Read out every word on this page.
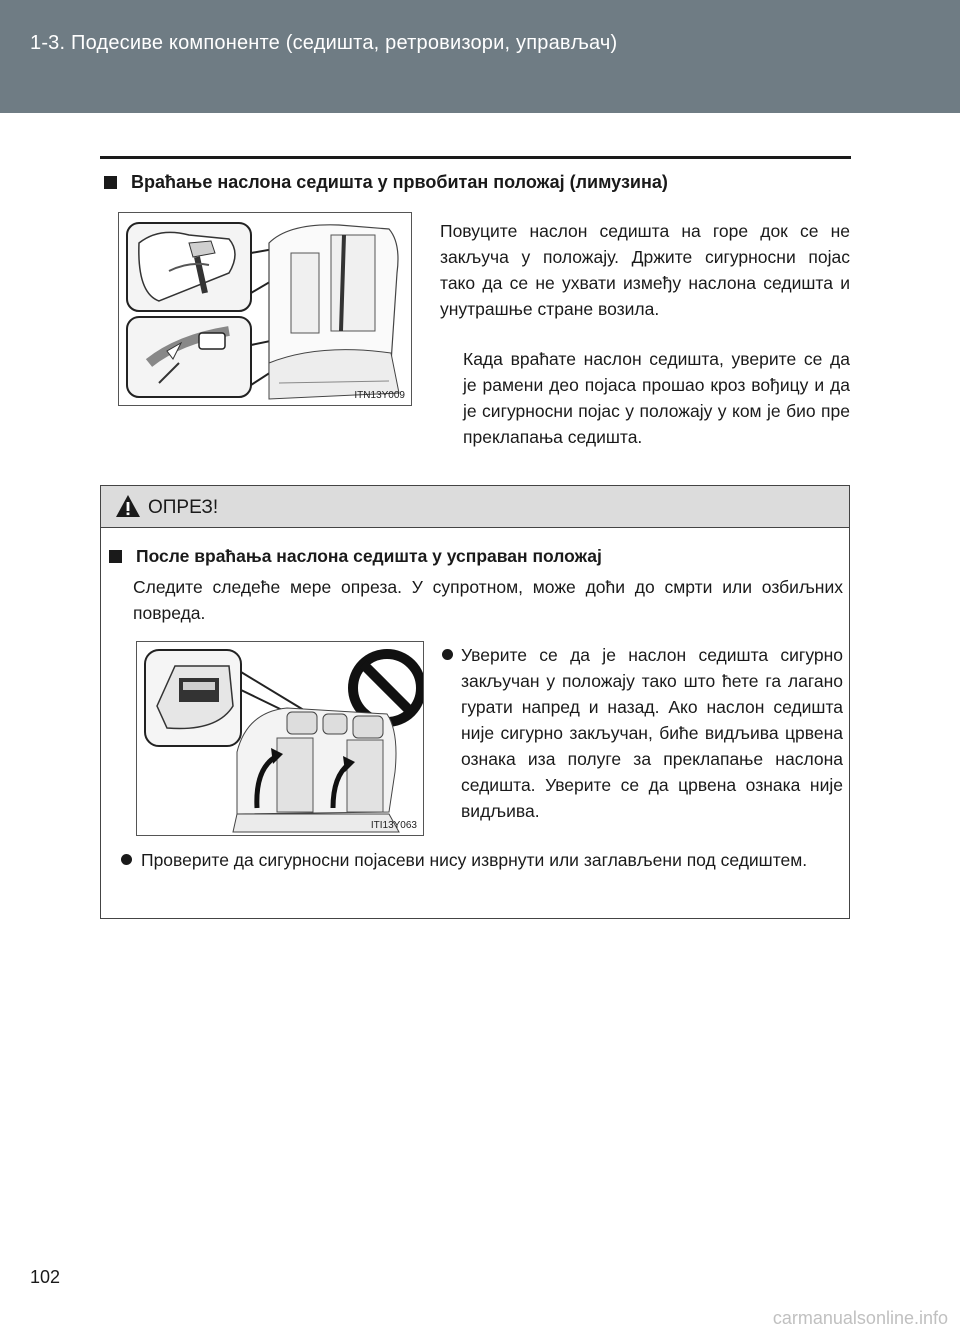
1-3. Подесиве компоненте (седишта, ретровизори, управљач)
Враћање наслона седишта у првобитан положај (лимузина)
ITN13Y009
Повуците наслон седишта на горе док се не закључа у положају. Држите сигурносни појас тако да се не ухвати између наслона седишта и унутрашње стране возила.
Када враћате наслон седишта, уверите се да је рамени део појаса прошао кроз вођицу и да је сигурносни појас у положају у ком је био пре преклапања седишта.
ОПРЕЗ!
После враћања наслона седишта у усправан положај
Следите следеће мере опреза. У супротном, може доћи до смрти или озбиљних повреда.
ITI13Y063
Уверите се да је наслон седишта сигурно закључан у положају тако што ћете га лагано гурати напред и назад. Ако наслон седишта није сигурно закључан, биће видљива црвена ознака иза полуге за преклапање наслона седишта. Уверите се да црвена ознака није видљива.
Проверите да сигурносни појасеви нису изврнути или заглављени под седиштем.
102
carmanualsonline.info
